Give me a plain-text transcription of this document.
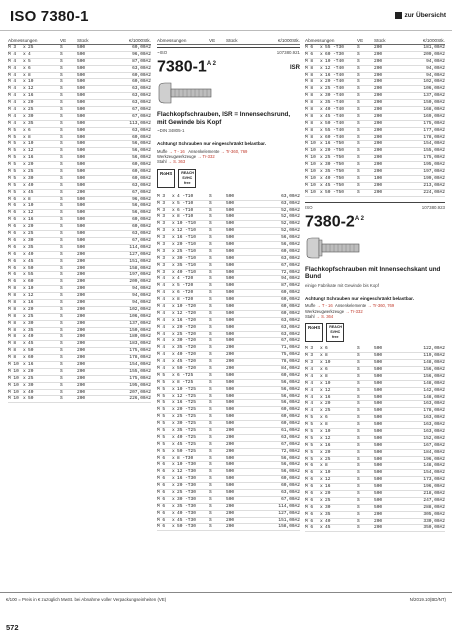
ISO 7380-1	zur Übersicht
Abmessungen	VE	Stück	€/1000Stk.
M 3	x 25	S	500	60,00A2
M 4	x 4	S	500	96,00A2
M 4	x 5	S	500	87,00A2
M 4	x 6	S	500	63,00A2
M 4	x 8	S	500	60,00A2
M 4	x 10	S	500	60,00A2
M 4	x 12	S	500	63,00A2
M 4	x 16	S	500	63,00A2
M 4	x 20	S	500	63,00A2
M 4	x 25	S	500	67,00A2
M 4	x 30	S	500	67,00A2
M 4	x 35	S	500	113,00A2
M 5	x 6	S	500	63,00A2
M 5	x 8	S	500	60,00A2
M 5	x 10	S	500	56,00A2
M 5	x 12	S	500	56,00A2
M 5	x 16	S	500	56,00A2
M 5	x 20	S	500	60,00A2
M 5	x 25	S	500	60,00A2
M 5	x 30	S	500	60,00A2
M 5	x 40	S	500	63,00A2
M 5	x 45	S	200	67,00A2
M 6	x 8	S	500	96,00A2
M 6	x 10	S	500	56,00A2
M 6	x 12	S	500	56,00A2
M 6	x 16	S	500	60,00A2
M 6	x 20	S	500	60,00A2
M 6	x 25	S	500	63,00A2
M 6	x 30	S	500	67,00A2
M 6	x 35	S	500	114,00A2
M 6	x 40	S	200	127,00A2
M 6	x 45	S	200	151,00A2
M 6	x 50	S	200	158,00A2
M 6	x 55	S	200	197,00A2
M 6	x 60	S	200	209,00A2
M 8	x 10	S	200	94,00A2
M 8	x 12	S	200	94,00A2
M 8	x 16	S	200	94,00A2
M 8	x 20	S	200	102,00A2
M 8	x 25	S	200	106,00A2
M 8	x 30	S	200	137,00A2
M 8	x 35	S	200	150,00A2
M 8	x 40	S	200	180,00A2
M 8	x 45	S	200	183,00A2
M 8	x 50	S	200	175,00A2
M 8	x 60	S	200	178,00A2
M 10 x 16	S	200	154,00A2
M 10 x 20	S	200	155,00A2
M 10 x 25	S	200	175,00A2
M 10 x 30	S	200	195,00A2
M 10 x 40	S	200	207,00A2
M 10 x 50	S	200	226,00A2
Abmessungen	VE	Stück	€/1000Stk.
~ISO	107380.921
$7380-1^{A 2}$
ISR
Flachkopfschrauben, ISR = Innensechsrund, mit Gewinde bis Kopf
~DIN 34805-1
Achtung! Schrauben nur eingeschränkt belastbar.
Muffe → T - 16 Ansenkelemente → Tr-360, 769
Werkzeugwerkzeuge → Tr-332
Stahl → S. 363
RoHS	REACH SVHC free
M 3	x 4 -T10	S	500	63,00A2
M 3	x 5 -T10	S	500	63,00A2
M 3	x 6 -T10	S	500	52,00A2
M 3	x 8 -T10	S	500	52,00A2
M 3	x 10 -T10	S	500	52,00A2
M 3	x 12 -T10	S	500	52,00A2
M 3	x 16 -T10	S	500	56,00A2
M 3	x 20 -T10	S	500	56,00A2
M 3	x 25 -T10	S	500	60,00A2
M 3	x 30 -T10	S	500	63,00A2
M 3	x 35 -T10	S	500	67,00A2
M 3	x 40 -T10	S	500	72,00A2
M 4	x 4 -T20	S	500	94,00A2
M 4	x 5 -T20	S	500	87,00A2
M 4	x 6 -T20	S	500	60,00A2
M 4	x 8 -T20	S	500	60,00A2
M 4	x 10 -T20	S	500	60,00A2
M 4	x 12 -T20	S	500	60,00A2
M 4	x 16 -T20	S	500	63,00A2
M 4	x 20 -T20	S	500	63,00A2
M 4	x 25 -T20	S	500	63,00A2
M 4	x 30 -T20	S	500	67,00A2
M 4	x 35 -T20	S	200	71,00A2
M 4	x 40 -T20	S	200	75,00A2
M 4	x 45 -T20	S	200	78,00A2
M 4	x 50 -T20	S	200	84,00A2
M 5	x 6 -T25	S	500	60,00A2
M 5	x 8 -T25	S	500	56,00A2
M 5	x 10 -T25	S	500	56,00A2
M 5	x 12 -T25	S	500	56,00A2
M 5	x 16 -T25	S	500	56,00A2
M 5	x 20 -T25	S	500	60,00A2
M 5	x 25 -T25	S	500	60,00A2
M 5	x 30 -T25	S	500	60,00A2
M 5	x 35 -T25	S	200	61,00A2
M 5	x 40 -T25	S	200	63,00A2
M 5	x 45 -T25	S	200	67,00A2
M 5	x 50 -T25	S	200	72,00A2
M 6	x 8 -T30	S	500	56,00A2
M 6	x 10 -T30	S	500	56,00A2
M 6	x 12 -T30	S	500	56,00A2
M 6	x 16 -T30	S	500	60,00A2
M 6	x 20 -T30	S	500	60,00A2
M 6	x 25 -T30	S	500	63,00A2
M 6	x 30 -T30	S	500	67,00A2
M 6	x 35 -T30	S	200	114,00A2
M 6	x 40 -T30	S	200	127,00A2
M 6	x 45 -T30	S	200	151,00A2
M 6	x 50 -T30	S	200	158,00A2
Abmessungen	VE	Stück	€/1000Stk.
M 6	x 55 -T30	S	200	181,00A2
M 6	x 60 -T30	S	200	209,00A2
M 8	x 10 -T40	S	200	94,00A2
M 8	x 12 -T40	S	200	94,00A2
M 8	x 16 -T40	S	200	94,00A2
M 8	x 20 -T40	S	200	102,00A2
M 8	x 25 -T40	S	200	106,00A2
M 8	x 30 -T40	S	200	137,00A2
M 8	x 35 -T40	S	200	150,00A2
M 8	x 40 -T40	S	200	168,00A2
M 8	x 45 -T40	S	200	169,00A2
M 8	x 50 -T40	S	200	175,00A2
M 8	x 55 -T40	S	200	177,00A2
M 8	x 60 -T40	S	200	178,00A2
M 10 x 16 -T50	S	200	154,00A2
M 10 x 20 -T50	S	200	155,00A2
M 10 x 25 -T50	S	200	175,00A2
M 10 x 30 -T50	S	200	195,00A2
M 10 x 35 -T50	S	200	197,00A2
M 10 x 40 -T50	S	100	199,00A2
M 10 x 45 -T50	S	200	213,00A2
M 10 x 50 -T50	S	200	224,00A2
ISO	107380.923
$7380-2^{A 2}$
Flachkopfschrauben mit Innensechskant und Bund
einige Fabrikate mit Gewinde bis Kopf
Achtung! Schrauben nur eingeschränkt belastbar.
Muffe → T - 16 Ansenkelemente → Tr-360, 769
Werkzeugwerkzeuge → Tr-332
Stahl → S. 364
RoHS	REACH SVHC free
M 3	x 6	S	500	122,00A2
M 3	x 8	S	500	119,00A2
M 3	x 10	S	500	148,00A2
M 4	x 6	S	500	156,00A2
M 4	x 8	S	500	156,00A2
M 4	x 10	S	500	148,00A2
M 4	x 12	S	500	142,00A2
M 4	x 16	S	500	148,00A2
M 4	x 20	S	500	163,00A2
M 4	x 25	S	500	178,00A2
M 5	x 6	S	500	163,00A2
M 5	x 8	S	500	163,00A2
M 5	x 10	S	500	163,00A2
M 5	x 12	S	500	152,00A2
M 5	x 16	S	500	167,00A2
M 5	x 20	S	500	184,00A2
M 5	x 25	S	500	196,00A2
M 6	x 8	S	500	148,00A2
M 6	x 10	S	500	154,00A2
M 6	x 12	S	500	173,00A2
M 6	x 16	S	500	196,00A2
M 6	x 20	S	500	218,00A2
M 6	x 25	S	500	247,00A2
M 6	x 30	S	500	288,00A2
M 6	x 35	S	200	305,00A2
M 6	x 40	S	200	330,00A2
M 6	x 45	S	200	350,00A2
€/100 = Preis in € zuzüglich MwSt. bei Abnahme voller Verpackungseinheiten (VE)	N/2019.10(BD/NT)
572
